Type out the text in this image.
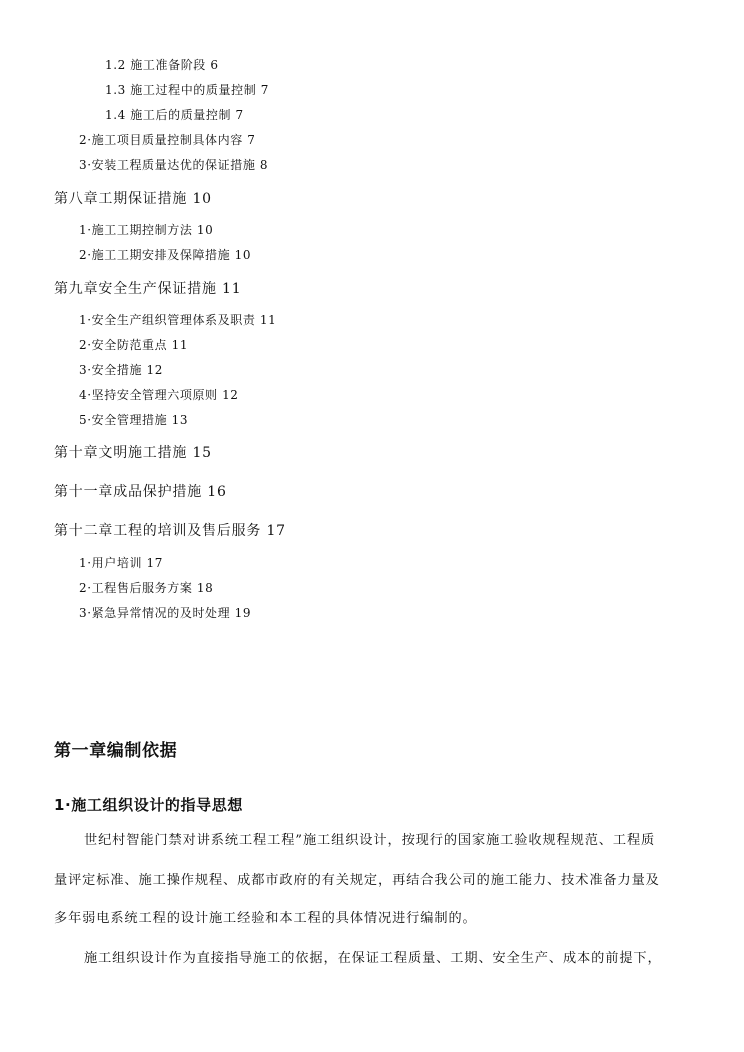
1.2 施工准备阶段 6
1.3 施工过程中的质量控制 7
1.4 施工后的质量控制 7
2·施工项目质量控制具体内容 7
3·安装工程质量达优的保证措施 8
第八章工期保证措施 10
1·施工工期控制方法 10
2·施工工期安排及保障措施 10
第九章安全生产保证措施 11
1·安全生产组织管理体系及职责 11
2·安全防范重点 11
3·安全措施 12
4·坚持安全管理六项原则 12
5·安全管理措施 13
第十章文明施工措施 15
第十一章成品保护措施 16
第十二章工程的培训及售后服务 17
1·用户培训 17
2·工程售后服务方案 18
3·紧急异常情况的及时处理 19
第一章编制依据
1·施工组织设计的指导思想
世纪村智能门禁对讲系统工程工程”施工组织设计，按现行的国家施工验收规程规范、工程质
量评定标准、施工操作规程、成都市政府的有关规定，再结合我公司的施工能力、技术准备力量及
多年弱电系统工程的设计施工经验和本工程的具体情况进行编制的。
施工组织设计作为直接指导施工的依据，在保证工程质量、工期、安全生产、成本的前提下，
